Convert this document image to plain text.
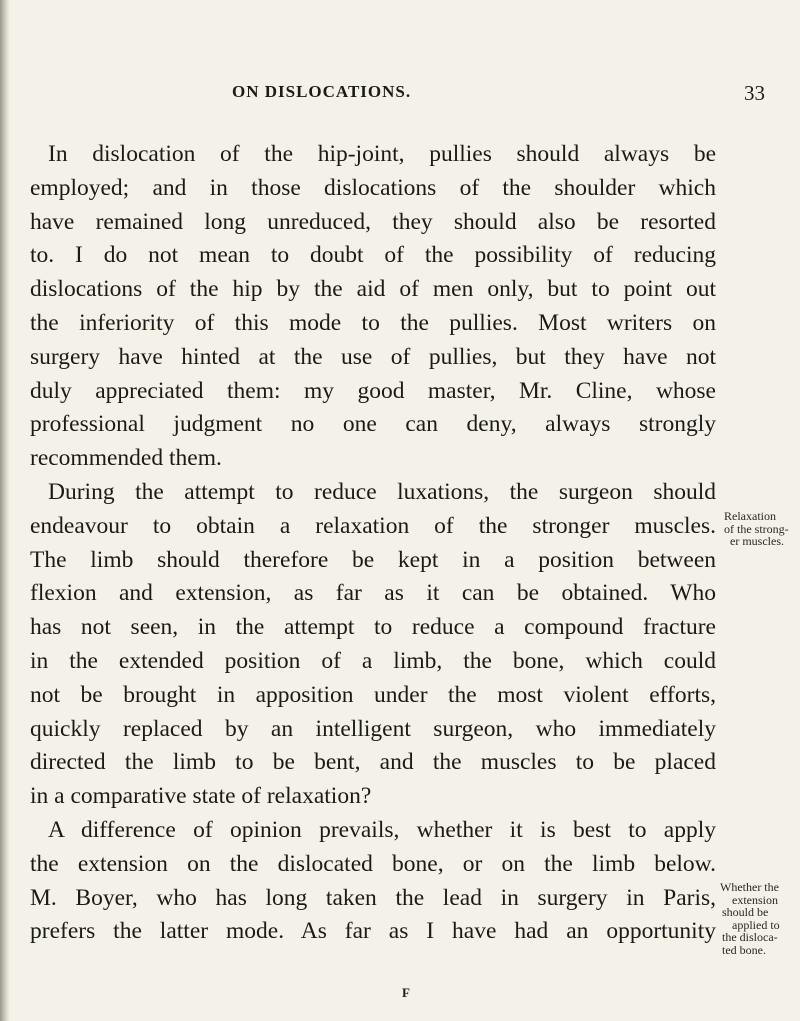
ON DISLOCATIONS.	33
In dislocation of the hip-joint, pullies should always be
employed; and in those dislocations of the shoulder which
have remained long unreduced, they should also be resorted
to. I do not mean to doubt of the possibility of reducing
dislocations of the hip by the aid of men only, but to point out
the inferiority of this mode to the pullies. Most writers on
surgery have hinted at the use of pullies, but they have not
duly appreciated them: my good master, Mr. Cline, whose
professional judgment no one can deny, always strongly
recommended them.
During the attempt to reduce luxations, the surgeon should
endeavour to obtain a relaxation of the stronger muscles.
The limb should therefore be kept in a position between
flexion and extension, as far as it can be obtained. Who
has not seen, in the attempt to reduce a compound fracture
in the extended position of a limb, the bone, which could
not be brought in apposition under the most violent efforts,
quickly replaced by an intelligent surgeon, who immediately
directed the limb to be bent, and the muscles to be placed
in a comparative state of relaxation?
A difference of opinion prevails, whether it is best to apply
the extension on the dislocated bone, or on the limb below.
M. Boyer, who has long taken the lead in surgery in Paris,
prefers the latter mode. As far as I have had an opportunity
Relaxation
of the strong-
er muscles.
Whether the
extension
should be
applied to
the disloca-
ted bone.
F
